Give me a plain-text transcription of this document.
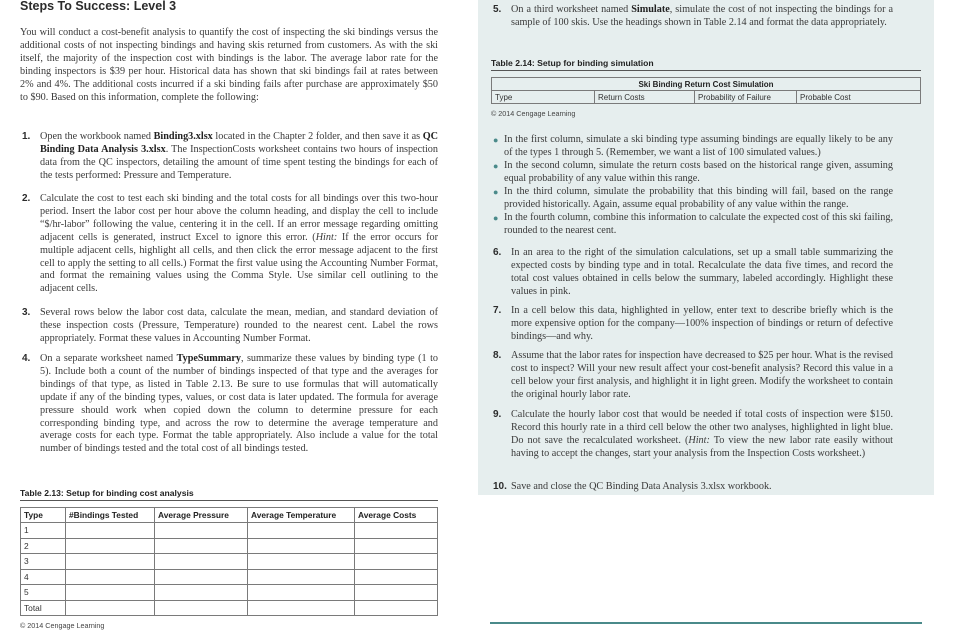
Steps To Success: Level 3
You will conduct a cost-benefit analysis to quantify the cost of inspecting the ski bindings versus the additional costs of not inspecting bindings and having skis returned from customers. As with the ski itself, the majority of the inspection cost with bindings is the labor. The average labor rate for the binding inspectors is $39 per hour. Historical data has shown that ski bindings fail at rates between 2% and 4%. The additional costs incurred if a ski binding fails after purchase are approximately $50 to $90. Based on this information, complete the following:
1. Open the workbook named Binding3.xlsx located in the Chapter 2 folder, and then save it as QC Binding Data Analysis 3.xlsx. The InspectionCosts worksheet contains two hours of inspection data from the QC inspectors, detailing the amount of time spent testing the bindings for each of the tests performed: Pressure and Temperature.
2. Calculate the cost to test each ski binding and the total costs for all bindings over this two-hour period. Insert the labor cost per hour above the column heading, and display the cell to include “$/hr-labor” following the value, centering it in the cell. If an error message regarding omitting adjacent cells is generated, instruct Excel to ignore this error. (Hint: If the error occurs for multiple adjacent cells, highlight all cells, and then click the error message adjacent to the first cell to apply the setting to all cells.) Format the first value using the Accounting Number Format, and format the remaining values using the Comma Style. Use similar cell outlining to the adjacent cells.
3. Several rows below the labor cost data, calculate the mean, median, and standard deviation of these inspection costs (Pressure, Temperature) rounded to the nearest cent. Label the rows appropriately. Format these values in Accounting Number Format.
4. On a separate worksheet named TypeSummary, summarize these values by binding type (1 to 5). Include both a count of the number of bindings inspected of that type and the averages for bindings of that type, as listed in Table 2.13. Be sure to use formulas that will automatically update if any of the binding types, values, or cost data is later updated. The formula for average pressure should work when copied down the column to determine pressure for each corresponding binding type, and across the row to determine the average temperature and average costs for each type. Format the table appropriately. Also include a value for the total number of bindings tested and the total cost of all bindings tested.
Table 2.13: Setup for binding cost analysis
Type	#Bindings Tested	Average Pressure	Average Temperature	Average Costs
1				
2				
3				
4				
5				
Total				
© 2014 Cengage Learning
5. On a third worksheet named Simulate, simulate the cost of not inspecting the bindings for a sample of 100 skis. Use the headings shown in Table 2.14 and format the data appropriately.
Table 2.14: Setup for binding simulation
Ski Binding Return Cost Simulation
Type	Return Costs	Probability of Failure	Probable Cost
© 2014 Cengage Learning
● In the first column, simulate a ski binding type assuming bindings are equally likely to be any of the types 1 through 5. (Remember, we want a list of 100 simulated values.)
● In the second column, simulate the return costs based on the historical range given, assuming equal probability of any value within this range.
● In the third column, simulate the probability that this binding will fail, based on the range provided historically. Again, assume equal probability of any value within the range.
● In the fourth column, combine this information to calculate the expected cost of this ski failing, rounded to the nearest cent.
6. In an area to the right of the simulation calculations, set up a small table summarizing the expected costs by binding type and in total. Recalculate the data five times, and record the total cost values obtained in cells below the summary, labeled accordingly. Highlight these values in pink.
7. In a cell below this data, highlighted in yellow, enter text to describe briefly which is the more expensive option for the company—100% inspection of bindings or return of defective bindings—and why.
8. Assume that the labor rates for inspection have decreased to $25 per hour. What is the revised cost to inspect? Will your new result affect your cost-benefit analysis? Record this value in a cell below your first analysis, and highlight it in light green. Modify the worksheet to contain the original hourly labor rate.
9. Calculate the hourly labor cost that would be needed if total costs of inspection were $150. Record this hourly rate in a third cell below the other two analyses, highlighted in light blue. Do not save the recalculated worksheet. (Hint: To view the new labor rate easily without having to accept the changes, start your analysis from the Inspection Costs worksheet.)
10. Save and close the QC Binding Data Analysis 3.xlsx workbook.
